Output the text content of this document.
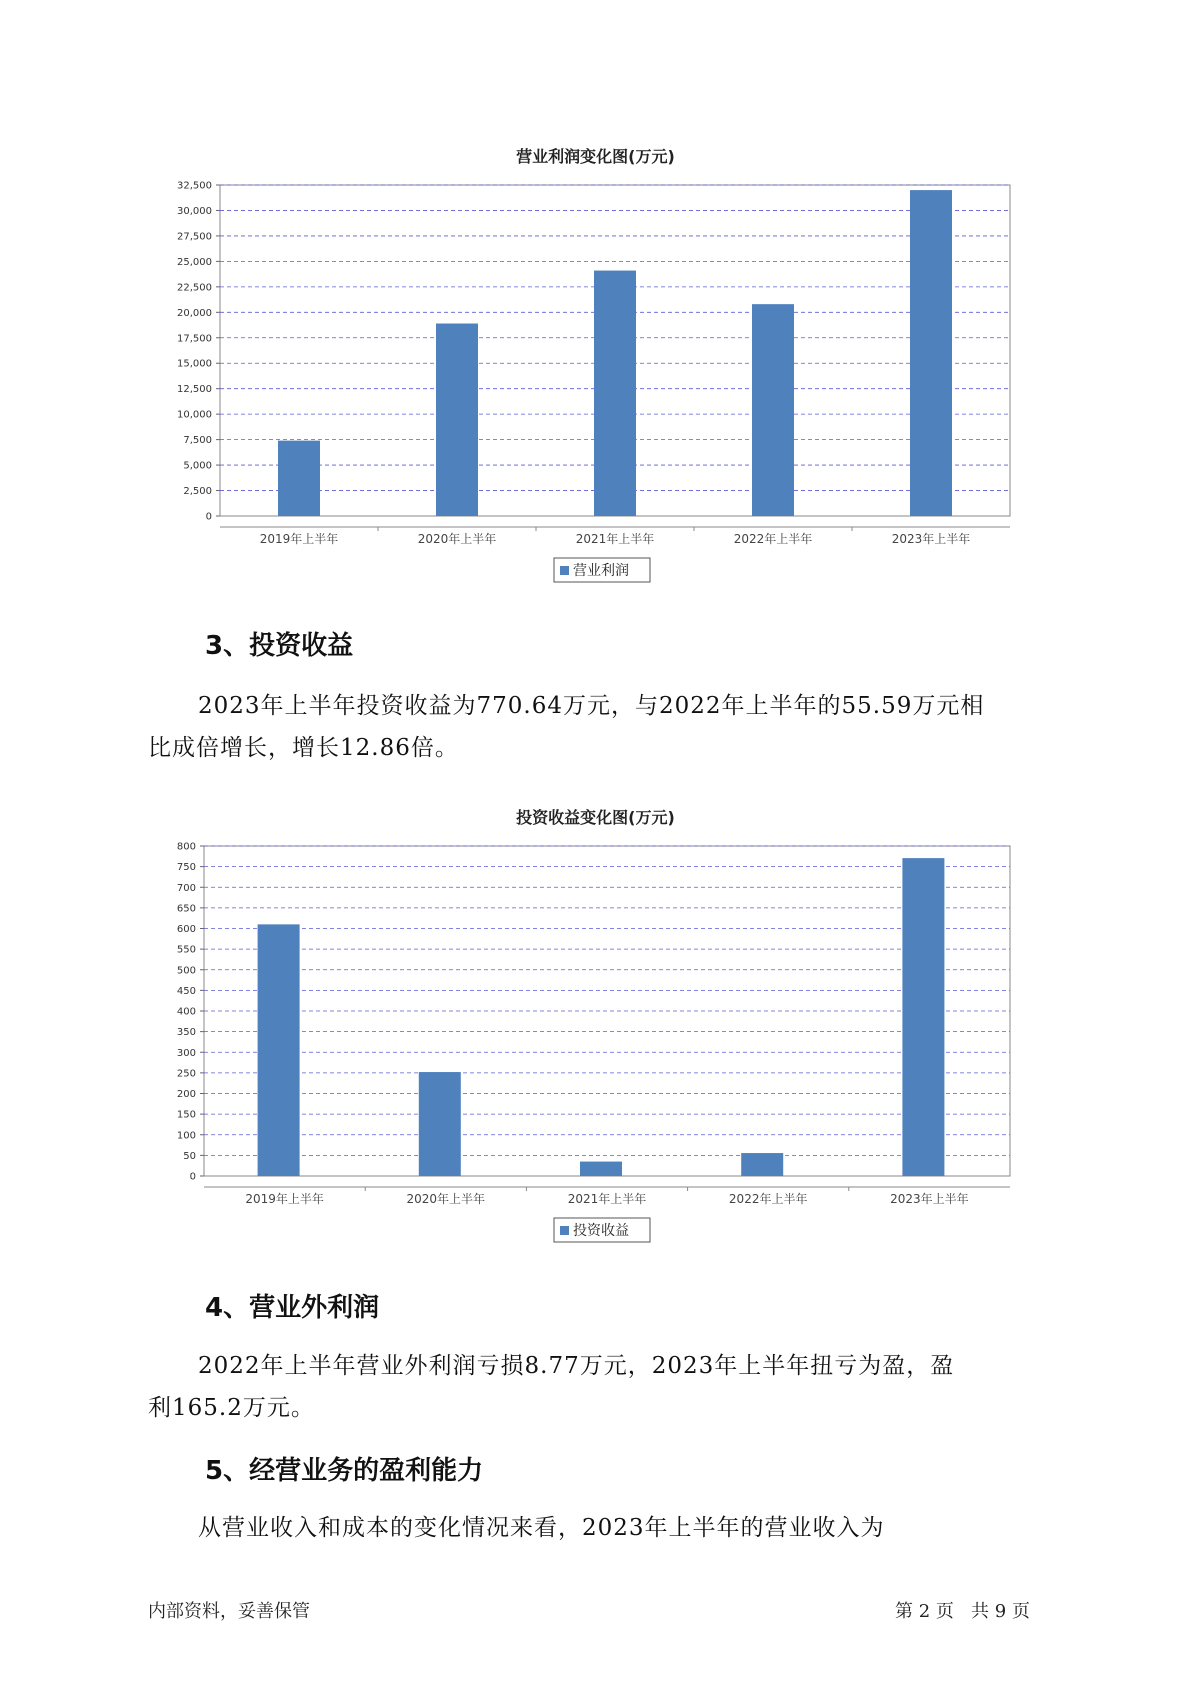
营业利润变化图(万元)
0
2,500
5,000
7,500
10,000
12,500
15,000
17,500
20,000
22,500
25,000
27,500
30,000
32,500
2019年上半年	2020年上半年	2021年上半年	2022年上半年	2023年上半年
营业利润
3、投资收益
2023年上半年投资收益为770.64万元，与2022年上半年的55.59万元相
比成倍增长，增长12.86倍。
投资收益变化图(万元)
0
50
100
150
200
250
300
350
400
450
500
550
600
650
700
750
800
2019年上半年	2020年上半年	2021年上半年	2022年上半年	2023年上半年
投资收益
4、营业外利润
2022年上半年营业外利润亏损8.77万元，2023年上半年扭亏为盈，盈
利165.2万元。
5、经营业务的盈利能力
从营业收入和成本的变化情况来看，2023年上半年的营业收入为
内部资料，妥善保管	第 2 页   共 9 页
